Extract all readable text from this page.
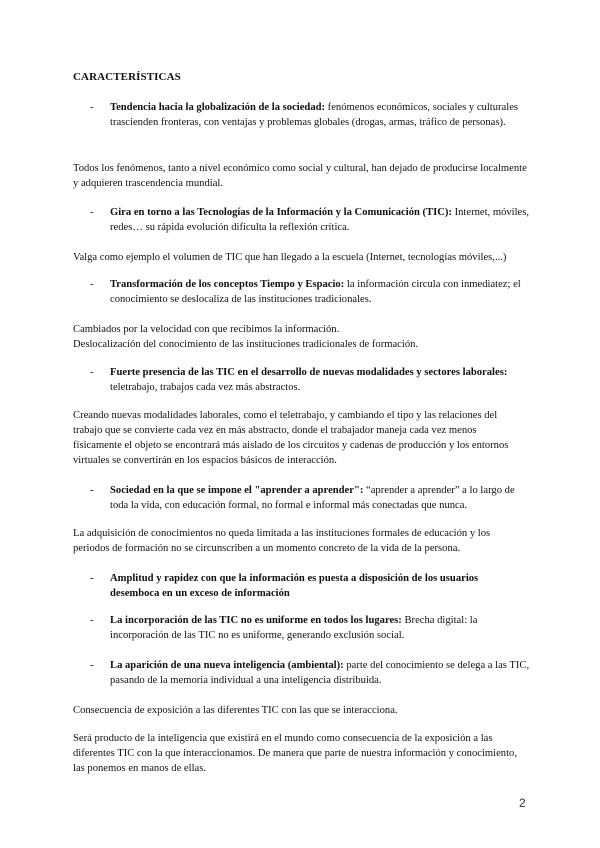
CARACTERÍSTICAS
- Tendencia hacia la globalización de la sociedad: fenómenos económicos, sociales y culturales trascienden fronteras, con ventajas y problemas globales (drogas, armas, tráfico de personas).
Todos los fenómenos, tanto a nivel económico como social y cultural, han dejado de producirse localmente y adquieren trascendencia mundial.
- Gira en torno a las Tecnologías de la Información y la Comunicación (TIC): Internet, móviles, redes… su rápida evolución dificulta la reflexión crítica.
Valga como ejemplo el volumen de TIC que han llegado a la escuela (Internet, tecnologías móviles,...)
- Transformación de los conceptos Tiempo y Espacio: la información circula con inmediatez; el conocimiento se deslocaliza de las instituciones tradicionales.
Cambiados por la velocidad con que recibimos la información.
Deslocalización del conocimiento de las instituciones tradicionales de formación.
- Fuerte presencia de las TIC en el desarrollo de nuevas modalidades y sectores laborales: teletrabajo, trabajos cada vez más abstractos.
Creando nuevas modalidades laborales, como el teletrabajo, y cambiando el tipo y las relaciones del trabajo que se convierte cada vez en más abstracto, donde el trabajador maneja cada vez menos físicamente el objeto se encontrará más aislado de los circuitos y cadenas de producción y los entornos virtuales se convertirán en los espacios básicos de interacción.
- Sociedad en la que se impone el "aprender a aprender": “aprender a aprender” a lo largo de toda la vida, con educación formal, no formal e informal más conectadas que nunca.
La adquisición de conocimientos no queda limitada a las instituciones formales de educación y los periodos de formación no se circunscriben a un momento concreto de la vida de la persona.
- Amplitud y rapidez con que la información es puesta a disposición de los usuarios desemboca en un exceso de información
- La incorporación de las TIC no es uniforme en todos los lugares: Brecha digital: la incorporación de las TIC no es uniforme, generando exclusión social.
- La aparición de una nueva inteligencia (ambiental): parte del conocimiento se delega a las TIC, pasando de la memoria individual a una inteligencia distribuida.
Consecuencia de exposición a las diferentes TIC con las que se interacciona.
Será producto de la inteligencia que existirá en el mundo como consecuencia de la exposición a las diferentes TIC con la que interaccionamos. De manera que parte de nuestra información y conocimiento, las ponemos en manos de ellas.
2
